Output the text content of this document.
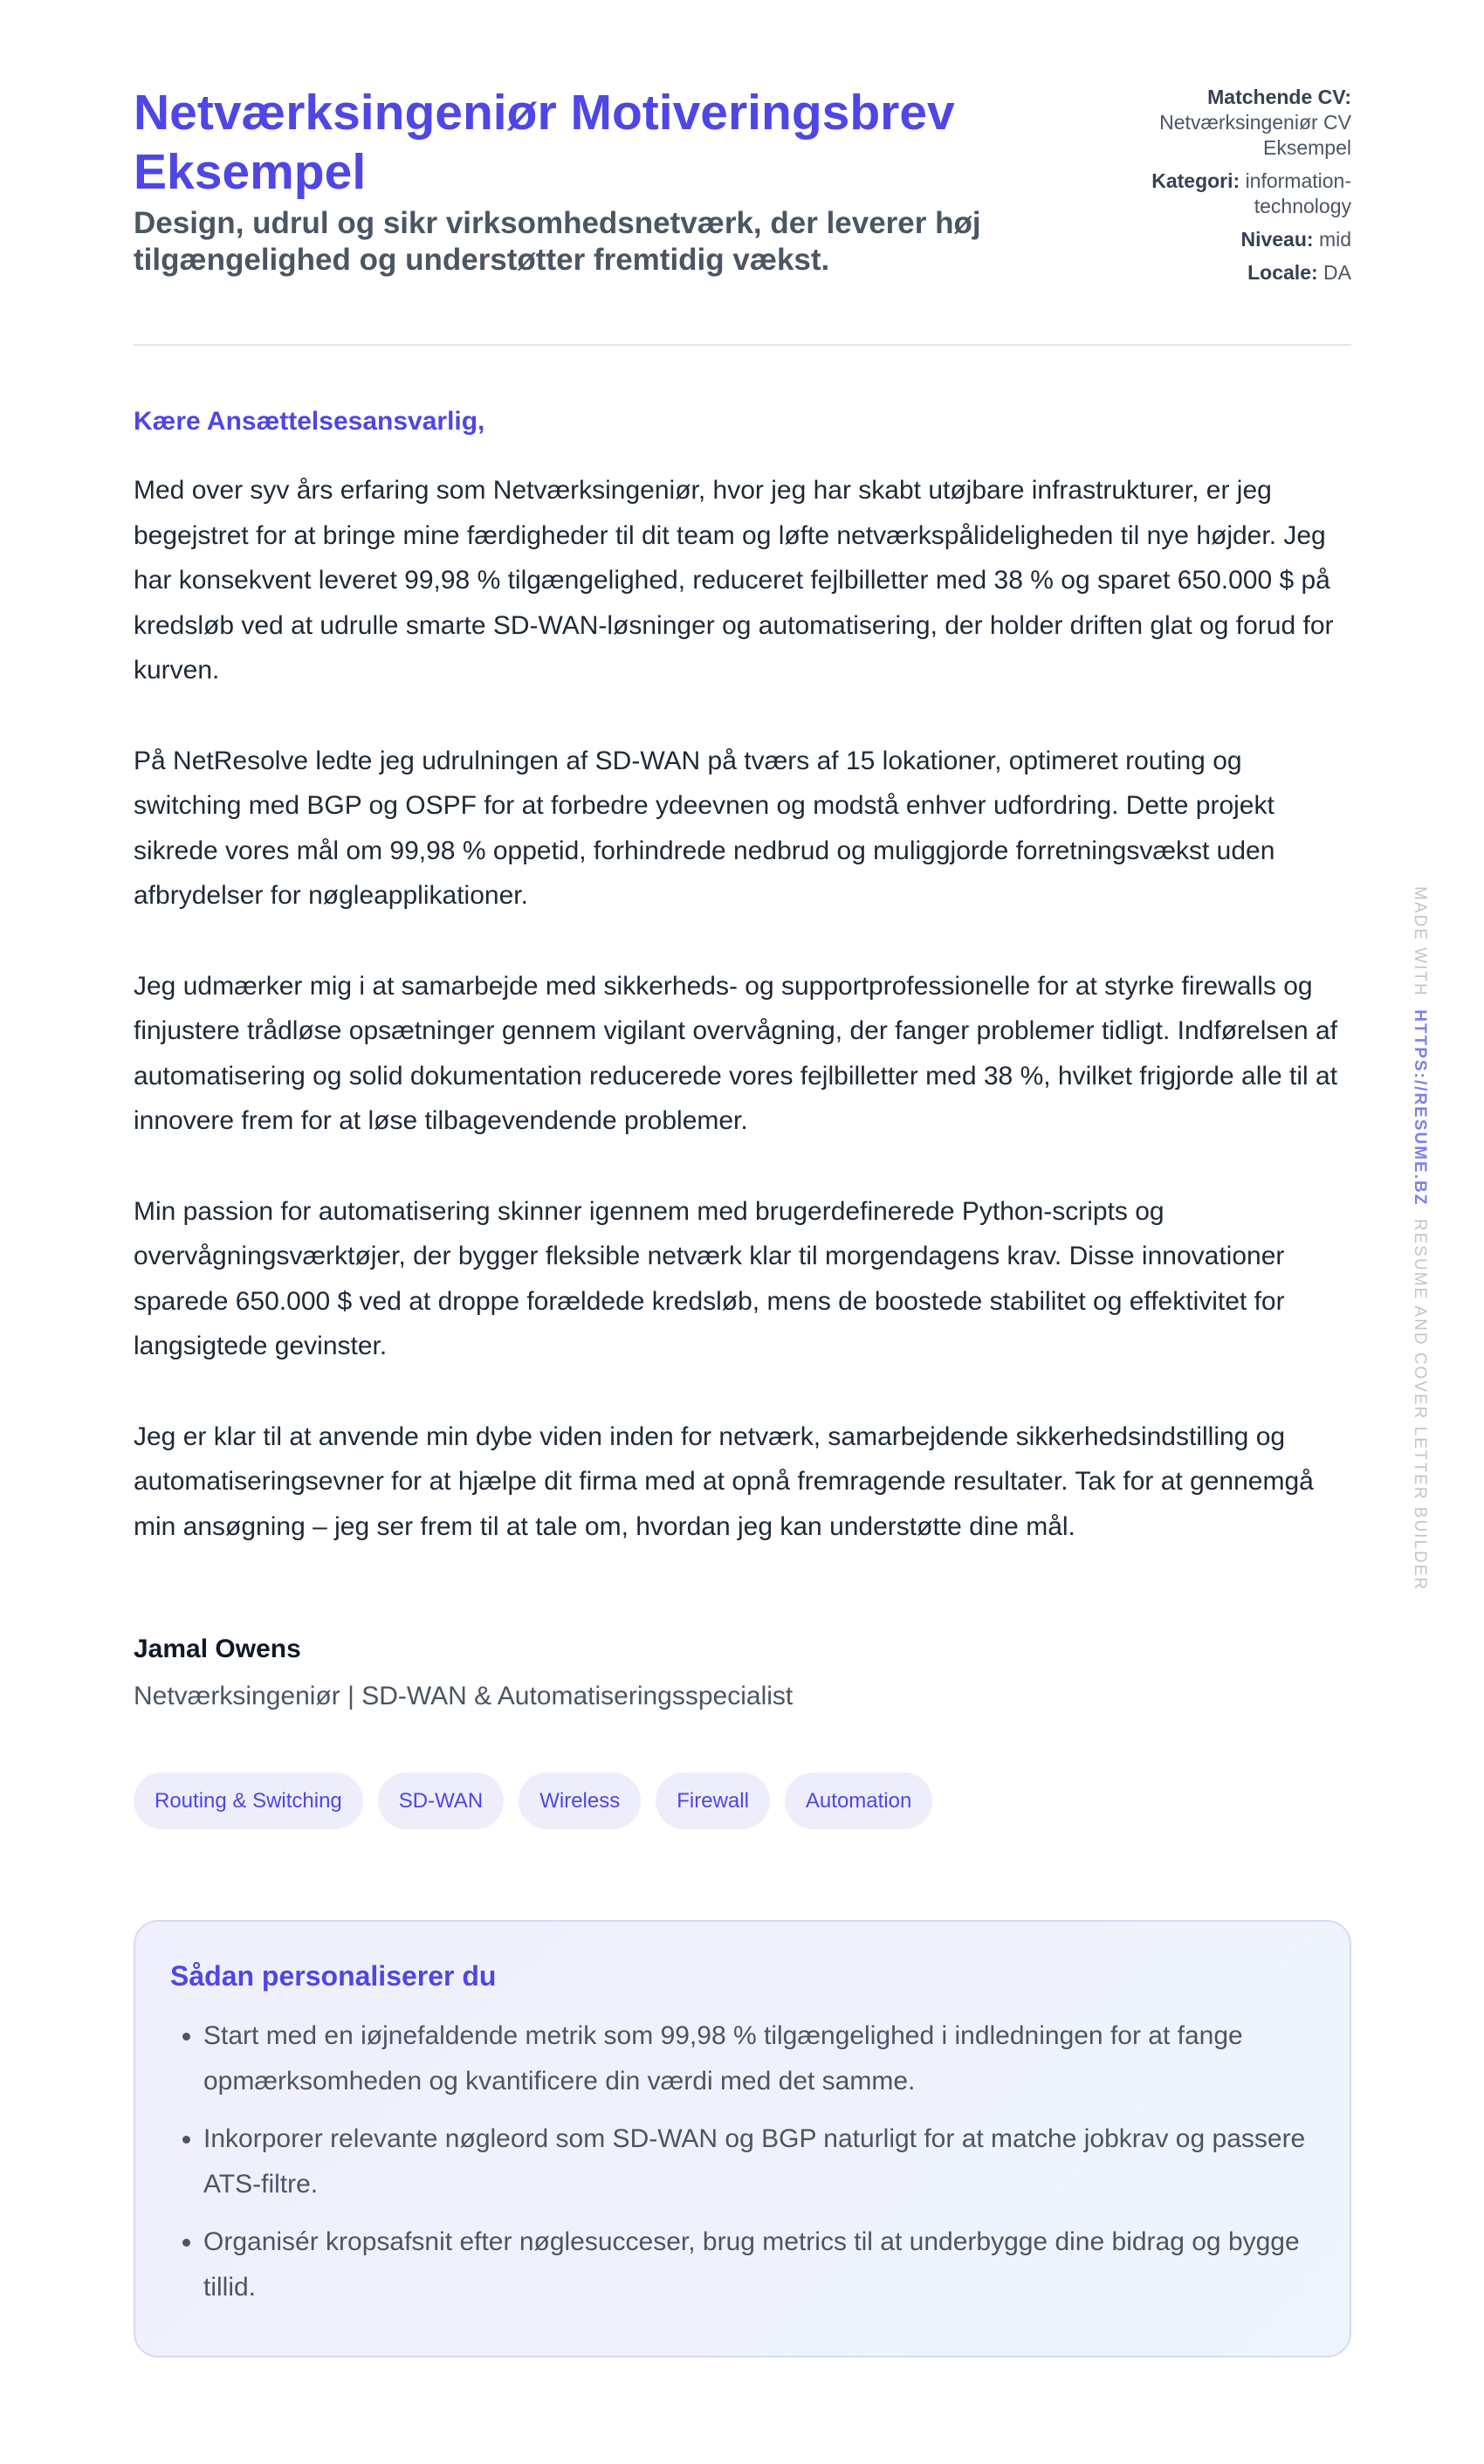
Netværksingeniør Motiveringsbrev Eksempel
Design, udrul og sikr virksomhedsnetværk, der leverer høj tilgængelighed og understøtter fremtidig vækst.
Matchende CV:
Netværksingeniør CV Eksempel
Kategori: information-technology
Niveau: mid
Locale: DA
Kære Ansættelsesansvarlig,

Med over syv års erfaring som Netværksingeniør, hvor jeg har skabt utøjbare infrastrukturer, er jeg begejstret for at bringe mine færdigheder til dit team og løfte netværkspålideligheden til nye højder. Jeg har konsekvent leveret 99,98 % tilgængelighed, reduceret fejlbilletter med 38 % og sparet 650.000 $ på kredsløb ved at udrulle smarte SD-WAN-løsninger og automatisering, der holder driften glat og forud for kurven.

På NetResolve ledte jeg udrulningen af SD-WAN på tværs af 15 lokationer, optimeret routing og switching med BGP og OSPF for at forbedre ydeevnen og modstå enhver udfordring. Dette projekt sikrede vores mål om 99,98 % oppetid, forhindrede nedbrud og muliggjorde forretningsvækst uden afbrydelser for nøgleapplikationer.

Jeg udmærker mig i at samarbejde med sikkerheds- og supportprofessionelle for at styrke firewalls og finjustere trådløse opsætninger gennem vigilant overvågning, der fanger problemer tidligt. Indførelsen af automatisering og solid dokumentation reducerede vores fejlbilletter med 38 %, hvilket frigjorde alle til at innovere frem for at løse tilbagevendende problemer.

Min passion for automatisering skinner igennem med brugerdefinerede Python-scripts og overvågningsværktøjer, der bygger fleksible netværk klar til morgendagens krav. Disse innovationer sparede 650.000 $ ved at droppe forældede kredsløb, mens de boostede stabilitet og effektivitet for langsigtede gevinster.

Jeg er klar til at anvende min dybe viden inden for netværk, samarbejdende sikkerhedsindstilling og automatiseringsevner for at hjælpe dit firma med at opnå fremragende resultater. Tak for at gennemgå min ansøgning – jeg ser frem til at tale om, hvordan jeg kan understøtte dine mål.

Jamal Owens
Netværksingeniør | SD-WAN & Automatiseringsspecialist
Routing & Switching	SD-WAN	Wireless	Firewall	Automation
Sådan personaliserer du
• Start med en iøjnefaldende metrik som 99,98 % tilgængelighed i indledningen for at fange opmærksomheden og kvantificere din værdi med det samme.
• Inkorporer relevante nøgleord som SD-WAN og BGP naturligt for at matche jobkrav og passere ATS-filtre.
• Organisér kropsafsnit efter nøglesucceser, brug metrics til at underbygge dine bidrag og bygge tillid.
MADE WITH  HTTPS://RESUME.BZ  RESUME AND COVER LETTER BUILDER
